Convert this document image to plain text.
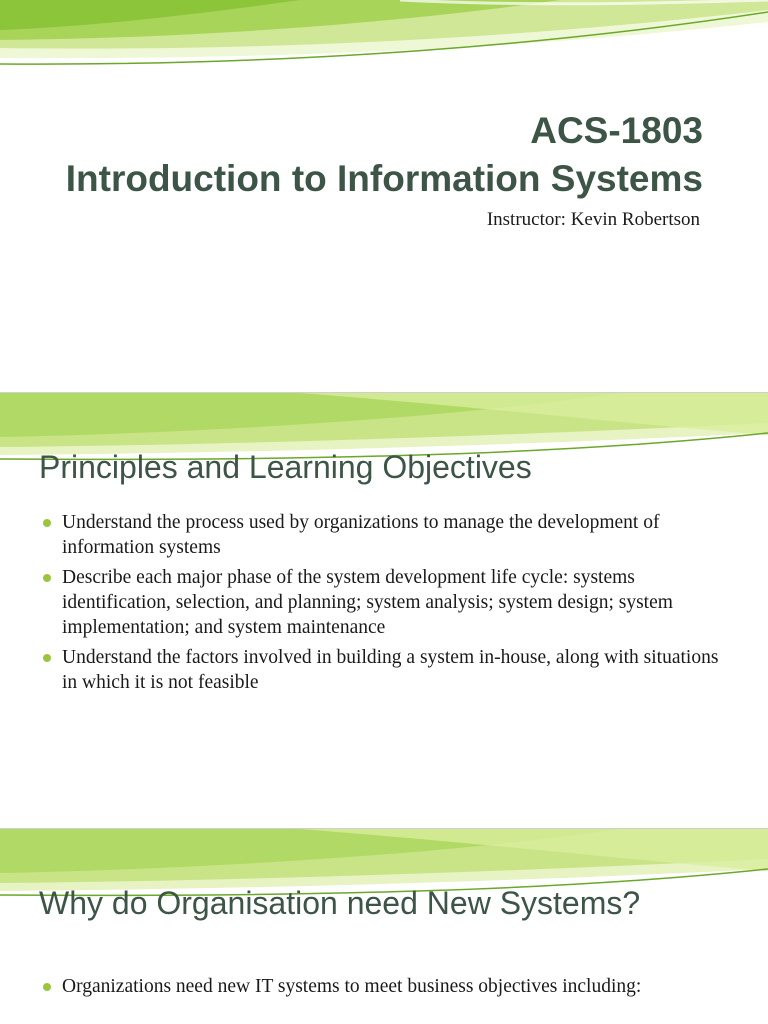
ACS-1803

Introduction to Information Systems

Instructor: Kevin Robertson

Principles and Learning Objectives

Understand the process used by organizations to manage the development of information systems
Describe each major phase of the system development life cycle: systems identification, selection, and planning; system analysis; system design; system implementation; and system maintenance
Understand the factors involved in building a system in-house, along with situations in which it is not feasible

Why do Organisation need New Systems?

Organizations need new IT systems to meet business objectives including:
